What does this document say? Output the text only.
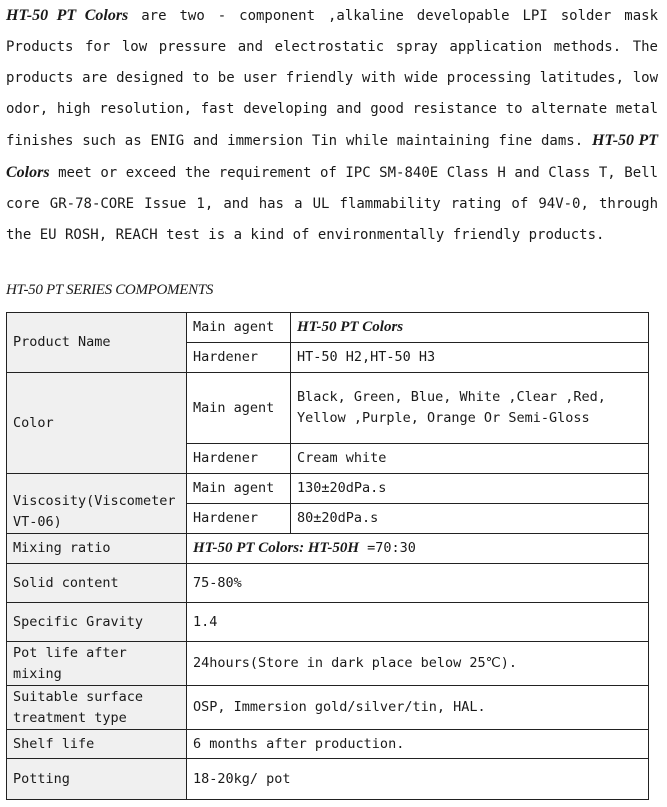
HT-50 PT Colors are two - component ,alkaline developable LPI solder mask Products for low pressure and electrostatic spray application methods. The products are designed to be user friendly with wide processing latitudes, low odor, high resolution, fast developing and good resistance to alternate metal finishes such as ENIG and immersion Tin while maintaining fine dams. HT-50 PT Colors meet or exceed the requirement of IPC SM-840E Class H and Class T, Bell core GR-78-CORE Issue 1, and has a UL flammability rating of 94V-0, through the EU ROSH, REACH test is a kind of environmentally friendly products.

HT-50 PT SERIES COMPOMENTS
Product Name	Main agent	HT-50 PT Colors
	Hardener	HT-50 H2,HT-50 H3
Color	Main agent	Black, Green, Blue, White ,Clear ,Red, Yellow ,Purple, Orange Or Semi-Gloss
	Hardener	Cream white
Viscosity(Viscometer VT-06)	Main agent	130±20dPa.s
	Hardener	80±20dPa.s
Mixing ratio	HT-50 PT Colors: HT-50H =70:30	
Solid content	75-80%	
Specific Gravity	1.4	
Pot life after mixing	24hours(Store in dark place below 25℃).	
Suitable surface treatment type	OSP, Immersion gold/silver/tin, HAL.	
Shelf life	6 months after production.	
Potting	18-20kg/ pot	
